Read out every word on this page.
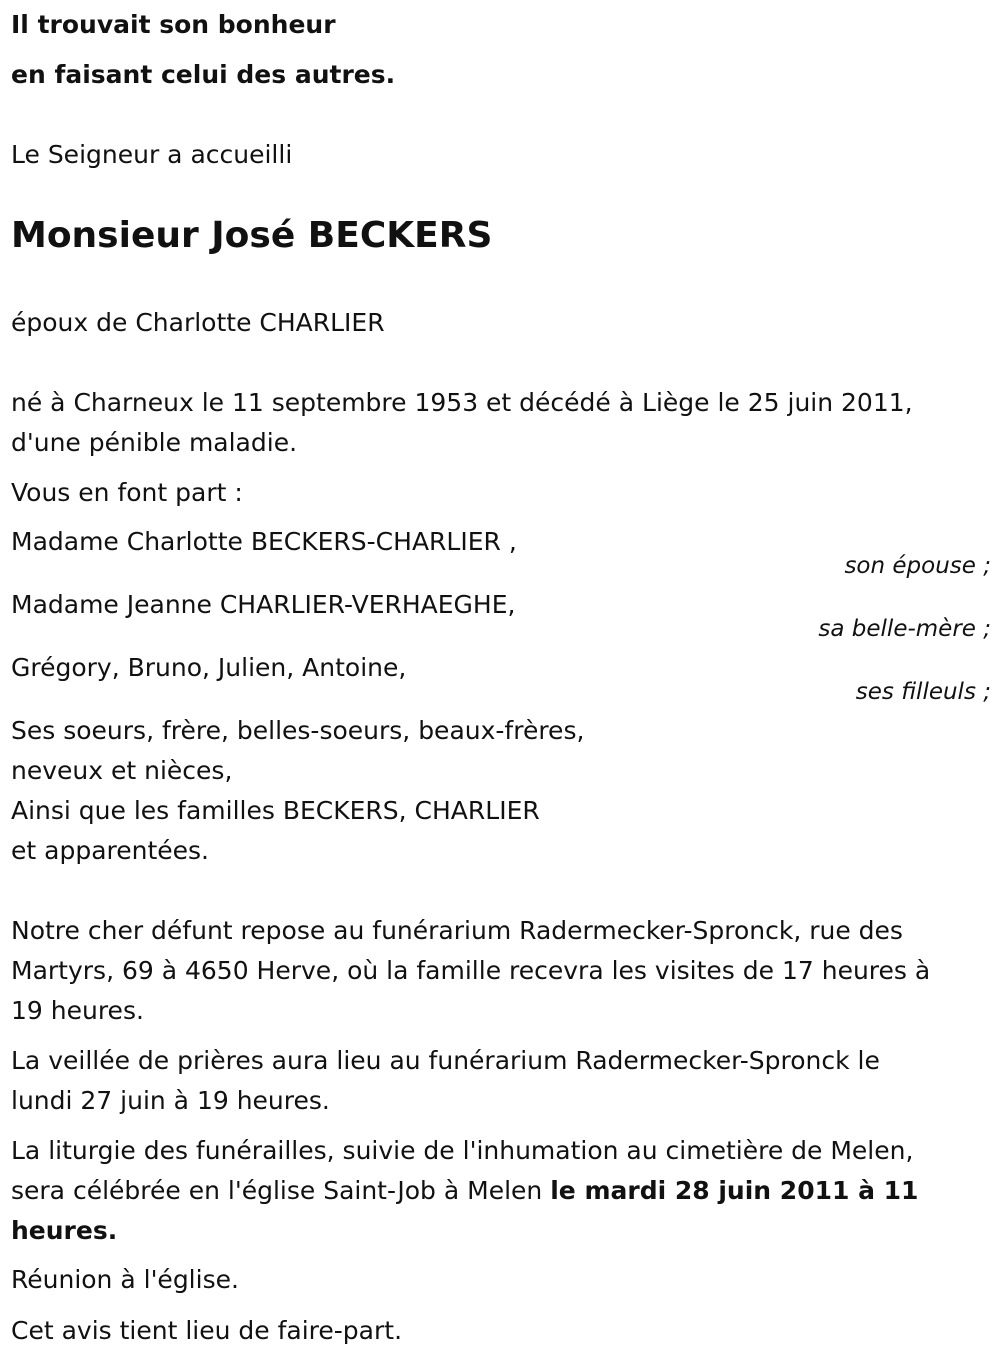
Il trouvait son bonheur
en faisant celui des autres.
Le Seigneur a accueilli
Monsieur José BECKERS
époux de Charlotte CHARLIER
né à Charneux le 11 septembre 1953 et décédé à Liège le 25 juin 2011,
d'une pénible maladie.
Vous en font part :
Madame Charlotte BECKERS-CHARLIER ,
son épouse ;
Madame Jeanne CHARLIER-VERHAEGHE,
sa belle-mère ;
Grégory, Bruno, Julien, Antoine,
ses filleuls ;
Ses soeurs, frère, belles-soeurs, beaux-frères,
neveux et nièces,
Ainsi que les familles BECKERS, CHARLIER
et apparentées.
Notre cher défunt repose au funérarium Radermecker-Spronck, rue des
Martyrs, 69 à 4650 Herve, où la famille recevra les visites de 17 heures à
19 heures.
La veillée de prières aura lieu au funérarium Radermecker-Spronck le
lundi 27 juin à 19 heures.
La liturgie des funérailles, suivie de l'inhumation au cimetière de Melen,
sera célébrée en l'église Saint-Job à Melen le mardi 28 juin 2011 à 11
heures.
Réunion à l'église.
Cet avis tient lieu de faire-part.
